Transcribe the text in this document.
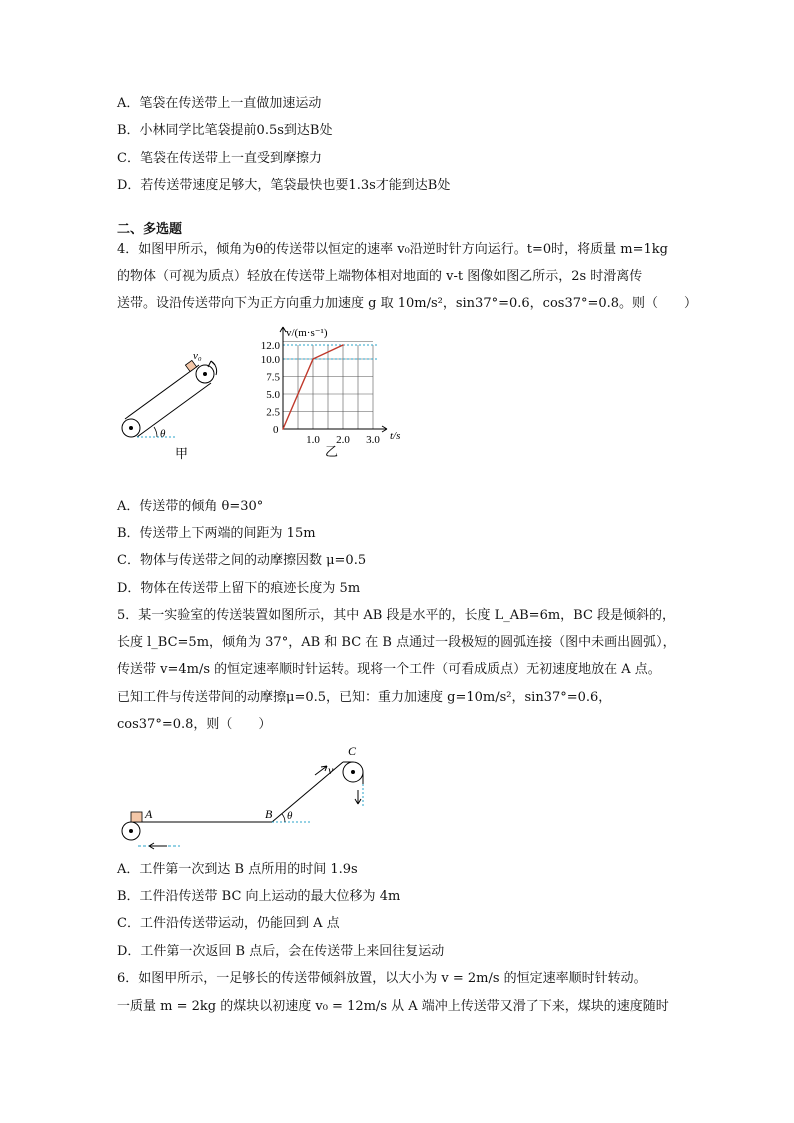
A．笔袋在传送带上一直做加速运动
B．小林同学比笔袋提前0.5s到达B处
C．笔袋在传送带上一直受到摩擦力
D．若传送带速度足够大，笔袋最快也要1.3s才能到达B处
二、多选题
4．如图甲所示，倾角为θ的传送带以恒定的速率 v₀沿逆时针方向运行。t=0时，将质量 m=1kg
的物体（可视为质点）轻放在传送带上端物体相对地面的 v-t 图像如图乙所示，2s 时滑离传
送带。设沿传送带向下为正方向重力加速度 g 取 10m/s²，sin37°=0.6，cos37°=0.8。则（　　）
v₀
θ
甲
12.0
10.0
7.5
5.0
2.5
1.0 2.0 3.0
v/(m·s⁻¹)
t/s
0
乙
A．传送带的倾角 θ=30°
B．传送带上下两端的间距为 15m
C．物体与传送带之间的动摩擦因数 μ=0.5
D．物体在传送带上留下的痕迹长度为 5m
5．某一实验室的传送装置如图所示，其中 AB 段是水平的，长度 L_AB=6m，BC 段是倾斜的，
长度 l_BC=5m，倾角为 37°，AB 和 BC 在 B 点通过一段极短的圆弧连接（图中未画出圆弧），
传送带 v=4m/s 的恒定速率顺时针运转。现将一个工件（可看成质点）无初速度地放在 A 点。
已知工件与传送带间的动摩擦μ=0.5，已知：重力加速度 g=10m/s²，sin37°=0.6，
cos37°=0.8，则（　　）
A	B
C
v
θ
A．工件第一次到达 B 点所用的时间 1.9s
B．工件沿传送带 BC 向上运动的最大位移为 4m
C．工件沿传送带运动，仍能回到 A 点
D．工件第一次返回 B 点后，会在传送带上来回往复运动
6．如图甲所示，一足够长的传送带倾斜放置，以大小为 v = 2m/s 的恒定速率顺时针转动。
一质量 m = 2kg 的煤块以初速度 v₀ = 12m/s 从 A 端冲上传送带又滑了下来，煤块的速度随时
